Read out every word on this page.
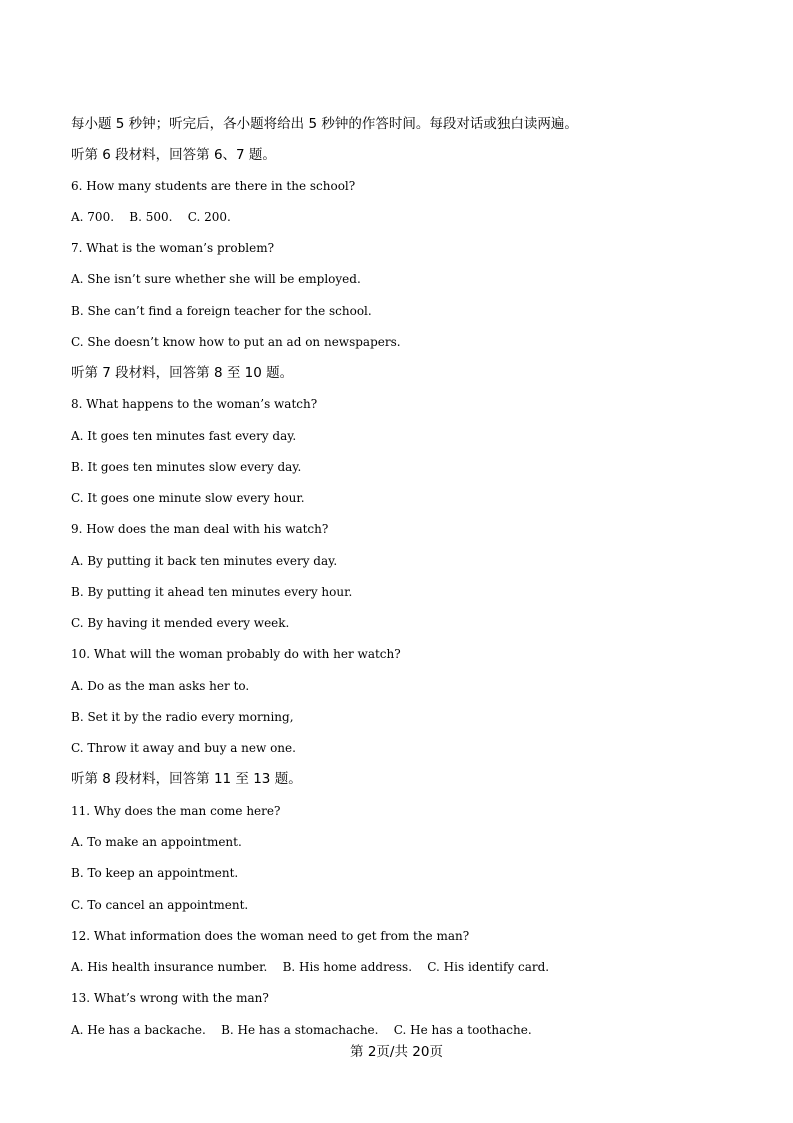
每小题 5 秒钟；听完后，各小题将给出 5 秒钟的作答时间。每段对话或独白读两遍。
听第 6 段材料，回答第 6、7 题。
6. How many students are there in the school?
A. 700.    B. 500.    C. 200.
7. What is the woman’s problem?
A. She isn’t sure whether she will be employed.
B. She can’t find a foreign teacher for the school.
C. She doesn’t know how to put an ad on newspapers.
听第 7 段材料，回答第 8 至 10 题。
8. What happens to the woman’s watch?
A. It goes ten minutes fast every day.
B. It goes ten minutes slow every day.
C. It goes one minute slow every hour.
9. How does the man deal with his watch?
A. By putting it back ten minutes every day.
B. By putting it ahead ten minutes every hour.
C. By having it mended every week.
10. What will the woman probably do with her watch?
A. Do as the man asks her to.
B. Set it by the radio every morning,
C. Throw it away and buy a new one.
听第 8 段材料，回答第 11 至 13 题。
11. Why does the man come here?
A. To make an appointment.
B. To keep an appointment.
C. To cancel an appointment.
12. What information does the woman need to get from the man?
A. His health insurance number.    B. His home address.    C. His identify card.
13. What’s wrong with the man?
A. He has a backache.    B. He has a stomachache.    C. He has a toothache.
第 2页/共 20页
